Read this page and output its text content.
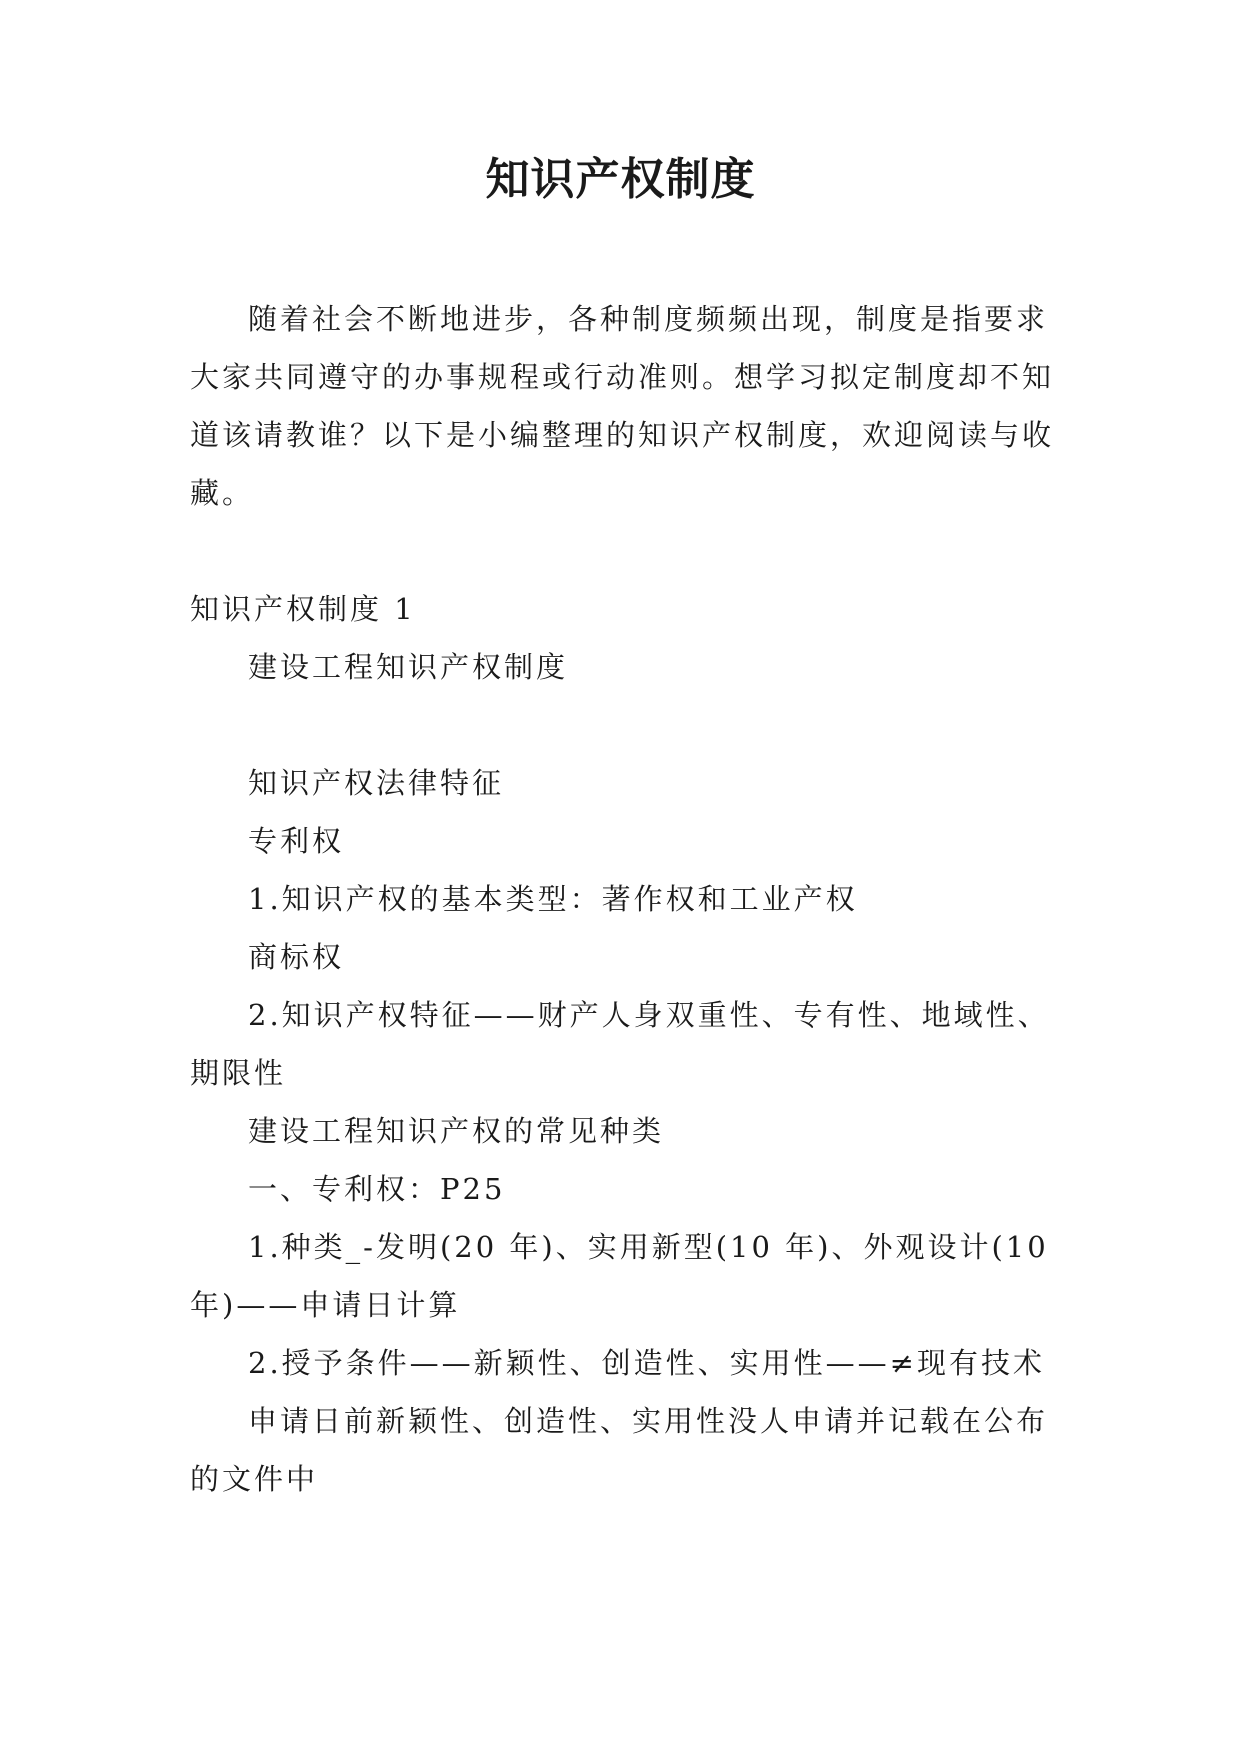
知识产权制度

随着社会不断地进步，各种制度频频出现，制度是指要求大家共同遵守的办事规程或行动准则。想学习拟定制度却不知道该请教谁？以下是小编整理的知识产权制度，欢迎阅读与收藏。

知识产权制度 1

建设工程知识产权制度

知识产权法律特征

专利权

1.知识产权的基本类型：著作权和工业产权

商标权

2.知识产权特征——财产人身双重性、专有性、地域性、期限性

建设工程知识产权的常见种类

一、专利权：P25

1.种类_-发明(20 年)、实用新型(10 年)、外观设计(10 年)——申请日计算

2.授予条件——新颖性、创造性、实用性——≠现有技术

申请日前新颖性、创造性、实用性没人申请并记载在公布的文件中
